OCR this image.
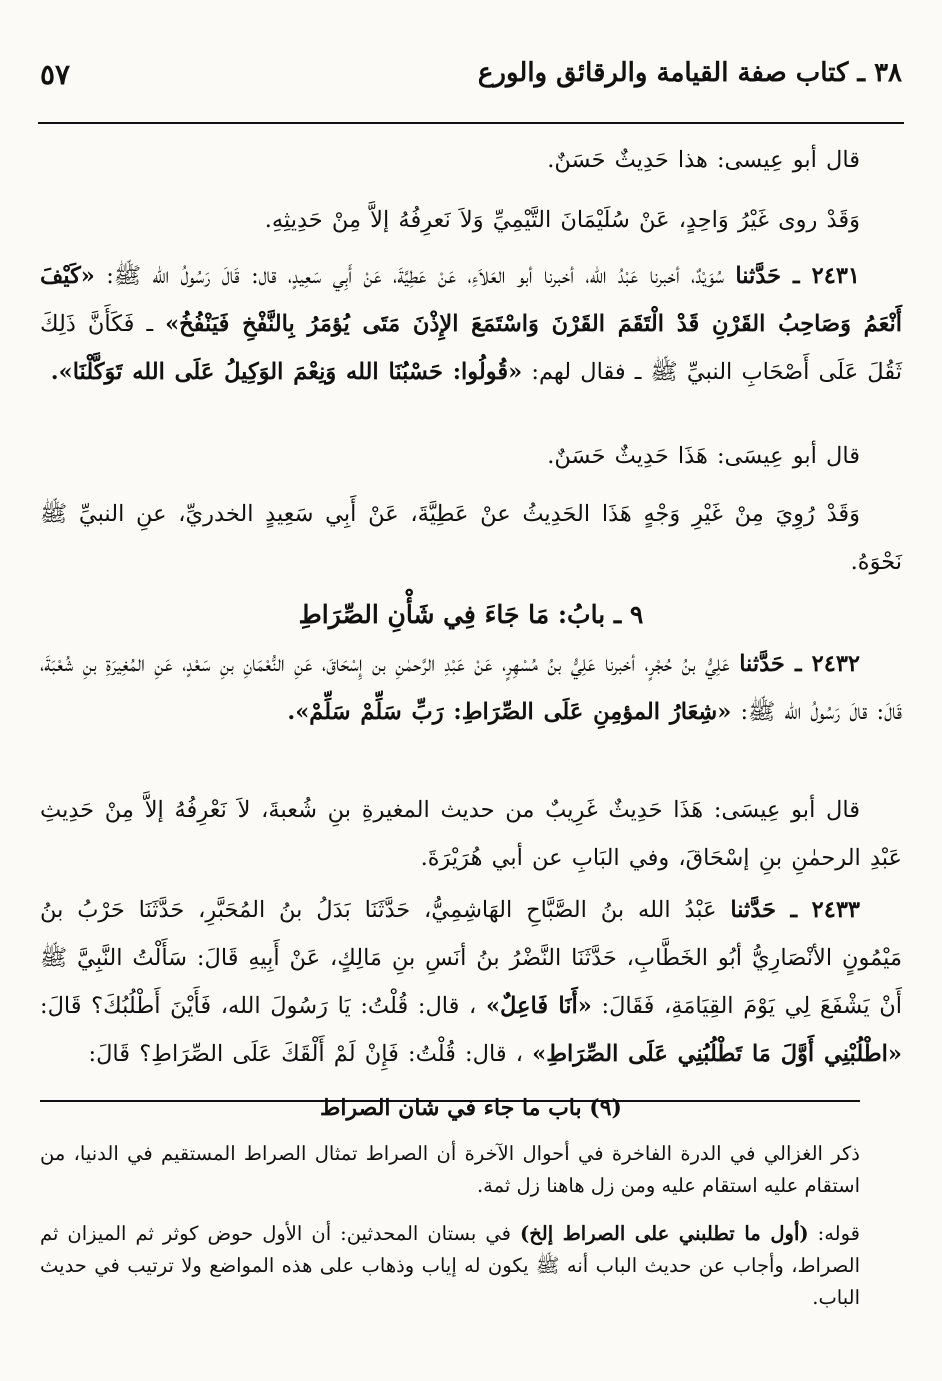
٣٨ ـ كتاب صفة القيامة والرقائق والورع
٥٧
قال أبو عِيسى: هذا حَدِيثٌ حَسَنٌ.
وَقَدْ روى غَيْرُ وَاحِدٍ، عَنْ سُلَيْمَانَ التَّيْمِيِّ وَلاَ نَعرِفُهُ إلاَّ مِنْ حَدِيثِهِ.
٢٤٣١ ـ حَدَّثنا سُوَيْدٌ، أخبرنا عَبْدُ الله، أخبرنا أبو العَلاَءِ، عَنْ عَطِيَّةَ، عَنْ أَبِي سَعِيدٍ، قال: قَالَ رَسُولُ الله ﷺ: «كَيْفَ أَنْعَمُ وَصَاحِبُ القَرْنِ قَدْ الْتَقَمَ القَرْنَ وَاسْتَمَعَ الإِذْنَ مَتَى يُؤمَرُ بِالنَّفْخِ فَيَنْفُخُ» ـ فَكَأَنَّ ذَلِكَ ثَقُلَ عَلَى أَصْحَابِ النبيِّ ﷺ ـ فقال لهم: «قُولُوا: حَسْبُنَا الله وَنِعْمَ الوَكِيلُ عَلَى الله تَوَكَّلْنَا».
قال أبو عِيسَى: هَذَا حَدِيثٌ حَسَنٌ.
وَقَدْ رُوِيَ مِنْ غَيْرِ وَجْهٍ هَذَا الحَدِيثُ عنْ عَطِيَّةَ، عَنْ أَبِي سَعِيدٍ الخدريِّ، عنِ النبيِّ ﷺ نَحْوَهُ.
٩ ـ بابُ: مَا جَاءَ فِي شَأْنِ الصِّرَاطِ
٢٤٣٢ ـ حَدَّثنا عَلِيُّ بنُ حُجْرٍ، أخبرنا عَلِيُّ بنُ مُسْهِرٍ، عَنْ عَبْدِ الرَّحمٰنِ بن إِسْحَاقَ، عَنِ النُّعْمَانِ بنِ سَعْدٍ، عَنِ المُغِيرَةِ بنِ شُعْبَةَ، قَالَ: قالَ رَسُولُ الله ﷺ: «شِعَارُ المؤمِنِ عَلَى الصِّرَاطِ: رَبِّ سَلِّمْ سَلِّمْ».
قال أبو عِيسَى: هَذَا حَدِيثٌ غَرِيبٌ من حديث المغيرةِ بنِ شُعبةَ، لاَ نَعْرِفُهُ إلاَّ مِنْ حَدِيثِ عَبْدِ الرحمٰنِ بنِ إسْحَاقَ، وفي البَابِ عن أبي هُرَيْرَةَ.
٢٤٣٣ ـ حَدَّثنا عَبْدُ الله بنُ الصَّبَّاحِ الهَاشِمِيُّ، حَدَّثَنَا بَدَلُ بنُ المُحَبَّرِ، حَدَّثَنَا حَرْبُ بنُ مَيْمُونٍ الأنْصَارِيُّ أبُو الخَطَّابِ، حَدَّثَنَا النَّضْرُ بنُ أنَسِ بنِ مَالِكٍ، عَنْ أَبِيهِ قَالَ: سَأَلْتُ النَّبِيَّ ﷺ أَنْ يَشْفَعَ لِي يَوْمَ القِيَامَةِ، فَقَالَ: «أَنَا فَاعِلٌ» ، قال: قُلْتُ: يَا رَسُولَ الله، فَأَيْنَ أَطْلُبُكَ؟ قَالَ: «اطْلُبْنِي أَوَّلَ مَا تَطْلُبُنِي عَلَى الصِّرَاطِ» ، قال: قُلْتُ: فَإِنْ لَمْ أَلْقَكَ عَلَى الصِّرَاطِ؟ قَالَ:
(٩) باب ما جاء في شان الصراط
ذكر الغزالي في الدرة الفاخرة في أحوال الآخرة أن الصراط تمثال الصراط المستقيم في الدنيا، من استقام عليه استقام عليه ومن زل هاهنا زل ثمة.
قوله: (أول ما تطلبني على الصراط إلخ) في بستان المحدثين: أن الأول حوض كوثر ثم الميزان ثم الصراط، وأجاب عن حديث الباب أنه ﷺ يكون له إياب وذهاب على هذه المواضع ولا ترتيب في حديث الباب.
